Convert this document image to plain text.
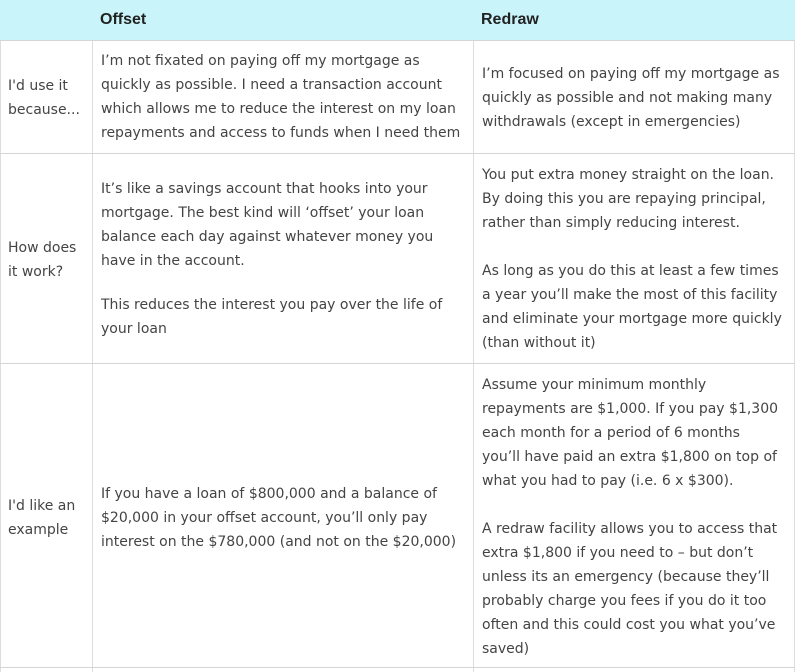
Offset	Redraw
I'd use it
because...

I’m not fixated on paying off my mortgage as quickly as possible. I need a transaction account which allows me to reduce the interest on my loan repayments and access to funds when I need them

I’m focused on paying off my mortgage as quickly as possible and not making many withdrawals (except in emergencies)

How does
it work?

It’s like a savings account that hooks into your mortgage. The best kind will ‘offset’ your loan balance each day against whatever money you have in the account.

This reduces the interest you pay over the life of your loan

You put extra money straight on the loan. By doing this you are repaying principal, rather than simply reducing interest.

As long as you do this at least a few times a year you’ll make the most of this facility and eliminate your mortgage more quickly (than without it)

I'd like an
example

If you have a loan of $800,000 and a balance of $20,000 in your offset account, you’ll only pay interest on the $780,000 (and not on the $20,000)

Assume your minimum monthly repayments are $1,000. If you pay $1,300 each month for a period of 6 months you’ll have paid an extra $1,800 on top of what you had to pay (i.e. 6 x $300).

A redraw facility allows you to access that extra $1,800 if you need to – but don’t unless its an emergency (because they’ll probably charge you fees if you do it too often and this could cost you what you’ve saved)
